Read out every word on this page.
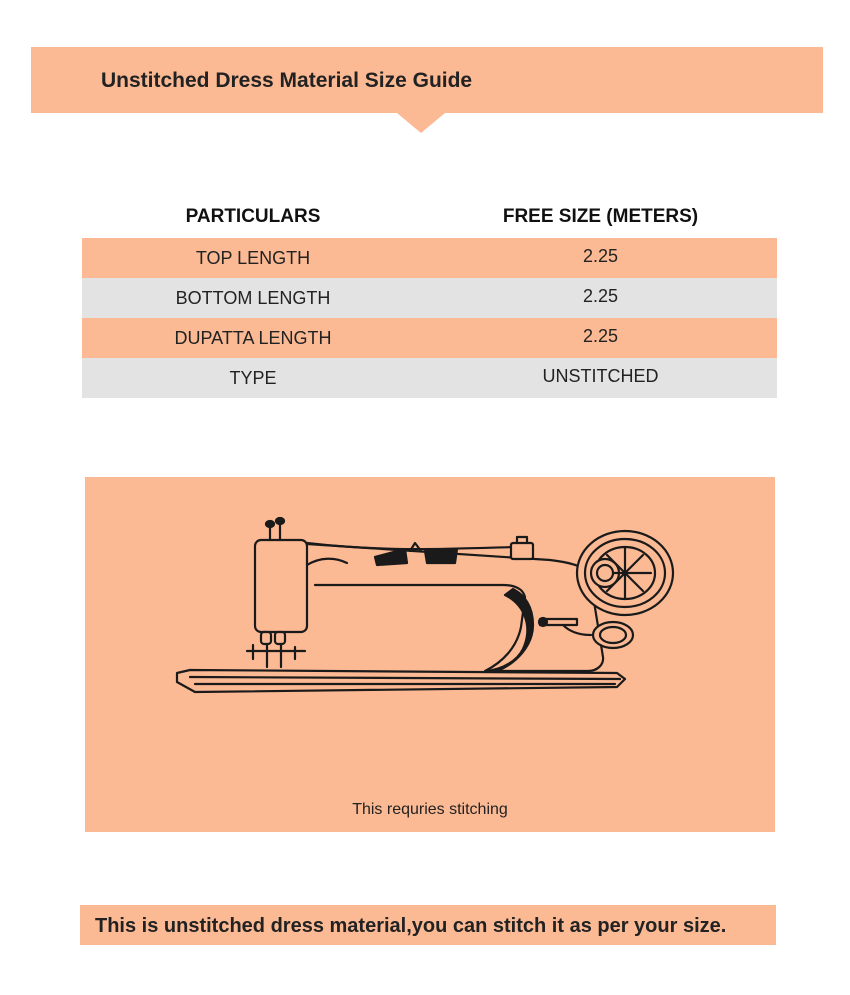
Unstitched Dress Material Size Guide
PARTICULARS	FREE SIZE (METERS)
TOP LENGTH	2.25
BOTTOM LENGTH	2.25
DUPATTA LENGTH	2.25
TYPE	UNSTITCHED
This requries stitching
This is unstitched dress material,you can stitch it as per your size.
